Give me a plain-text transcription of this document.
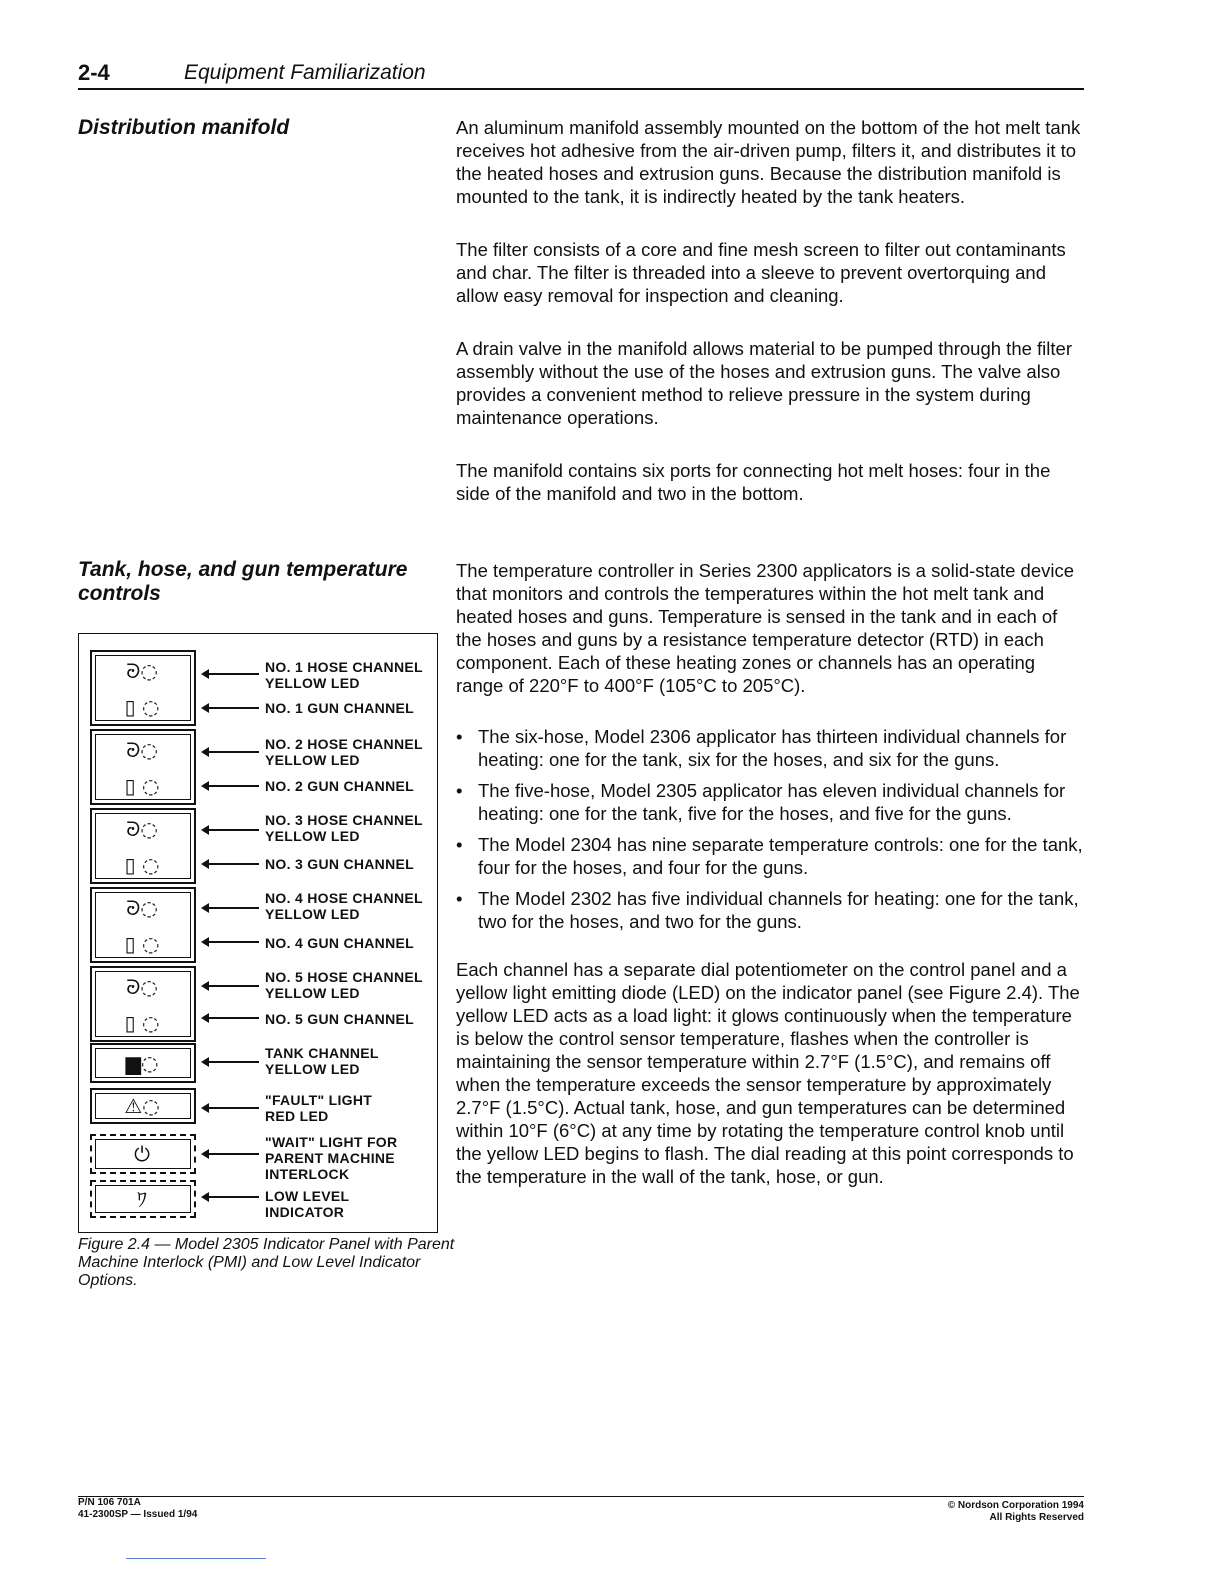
2-4	Equipment Familiarization
Distribution manifold	An aluminum manifold assembly mounted on the bottom of the hot melt tank receives hot adhesive from the air-driven pump, filters it, and distributes it to the heated hoses and extrusion guns. Because the distribution manifold is mounted to the tank, it is indirectly heated by the tank heaters.

The filter consists of a core and fine mesh screen to filter out contaminants and char. The filter is threaded into a sleeve to prevent overtorquing and allow easy removal for inspection and cleaning.

A drain valve in the manifold allows material to be pumped through the filter assembly without the use of the hoses and extrusion guns. The valve also provides a convenient method to relieve pressure in the system during maintenance operations.

The manifold contains six ports for connecting hot melt hoses: four in the side of the manifold and two in the bottom.

Tank, hose, and gun temperature controls
The temperature controller in Series 2300 applicators is a solid-state device that monitors and controls the temperatures within the hot melt tank and heated hoses and guns. Temperature is sensed in the tank and in each of the hoses and guns by a resistance temperature detector (RTD) in each component. Each of these heating zones or channels has an operating range of 220°F to 400°F (105°C to 205°C).
• The six-hose, Model 2306 applicator has thirteen individual channels for heating: one for the tank, six for the hoses, and six for the guns.
• The five-hose, Model 2305 applicator has eleven individual channels for heating: one for the tank, five for the hoses, and five for the guns.
• The Model 2304 has nine separate temperature controls: one for the tank, four for the hoses, and four for the guns.
• The Model 2302 has five individual channels for heating: one for the tank, two for the hoses, and two for the guns.
Each channel has a separate dial potentiometer on the control panel and a yellow light emitting diode (LED) on the indicator panel (see Figure 2.4). The yellow LED acts as a load light: it glows continuously when the temperature is below the control sensor temperature, flashes when the controller is maintaining the sensor temperature within 2.7°F (1.5°C), and remains off when the temperature exceeds the sensor temperature by approximately 2.7°F (1.5°C). Actual tank, hose, and gun temperatures can be determined within 10°F (6°C) at any time by rotating the temperature control knob until the yellow LED begins to flash. The dial reading at this point corresponds to the temperature in the wall of the tank, hose, or gun.
ᘒ◌
▯ ◌
ᘒ◌
▯ ◌
ᘒ◌
▯ ◌
ᘒ◌
▯ ◌
ᘒ◌
▯ ◌
▆◌
⚠◌
⏻
ﾜ
NO. 1 HOSE CHANNEL
YELLOW LED
NO. 1 GUN CHANNEL
NO. 2 HOSE CHANNEL
YELLOW LED
NO. 2 GUN CHANNEL
NO. 3 HOSE CHANNEL
YELLOW LED
NO. 3 GUN CHANNEL
NO. 4 HOSE CHANNEL
YELLOW LED
NO. 4 GUN CHANNEL
NO. 5 HOSE CHANNEL
YELLOW LED
NO. 5 GUN CHANNEL
TANK CHANNEL
YELLOW LED
"FAULT" LIGHT
RED LED
"WAIT" LIGHT FOR
PARENT MACHINE
INTERLOCK
LOW LEVEL
INDICATOR
Figure 2.4 — Model 2305 Indicator Panel with Parent Machine Interlock (PMI) and Low Level Indicator Options.
P/N 106 701A
41-2300SP — Issued 1/94
© Nordson Corporation 1994
All Rights Reserved
